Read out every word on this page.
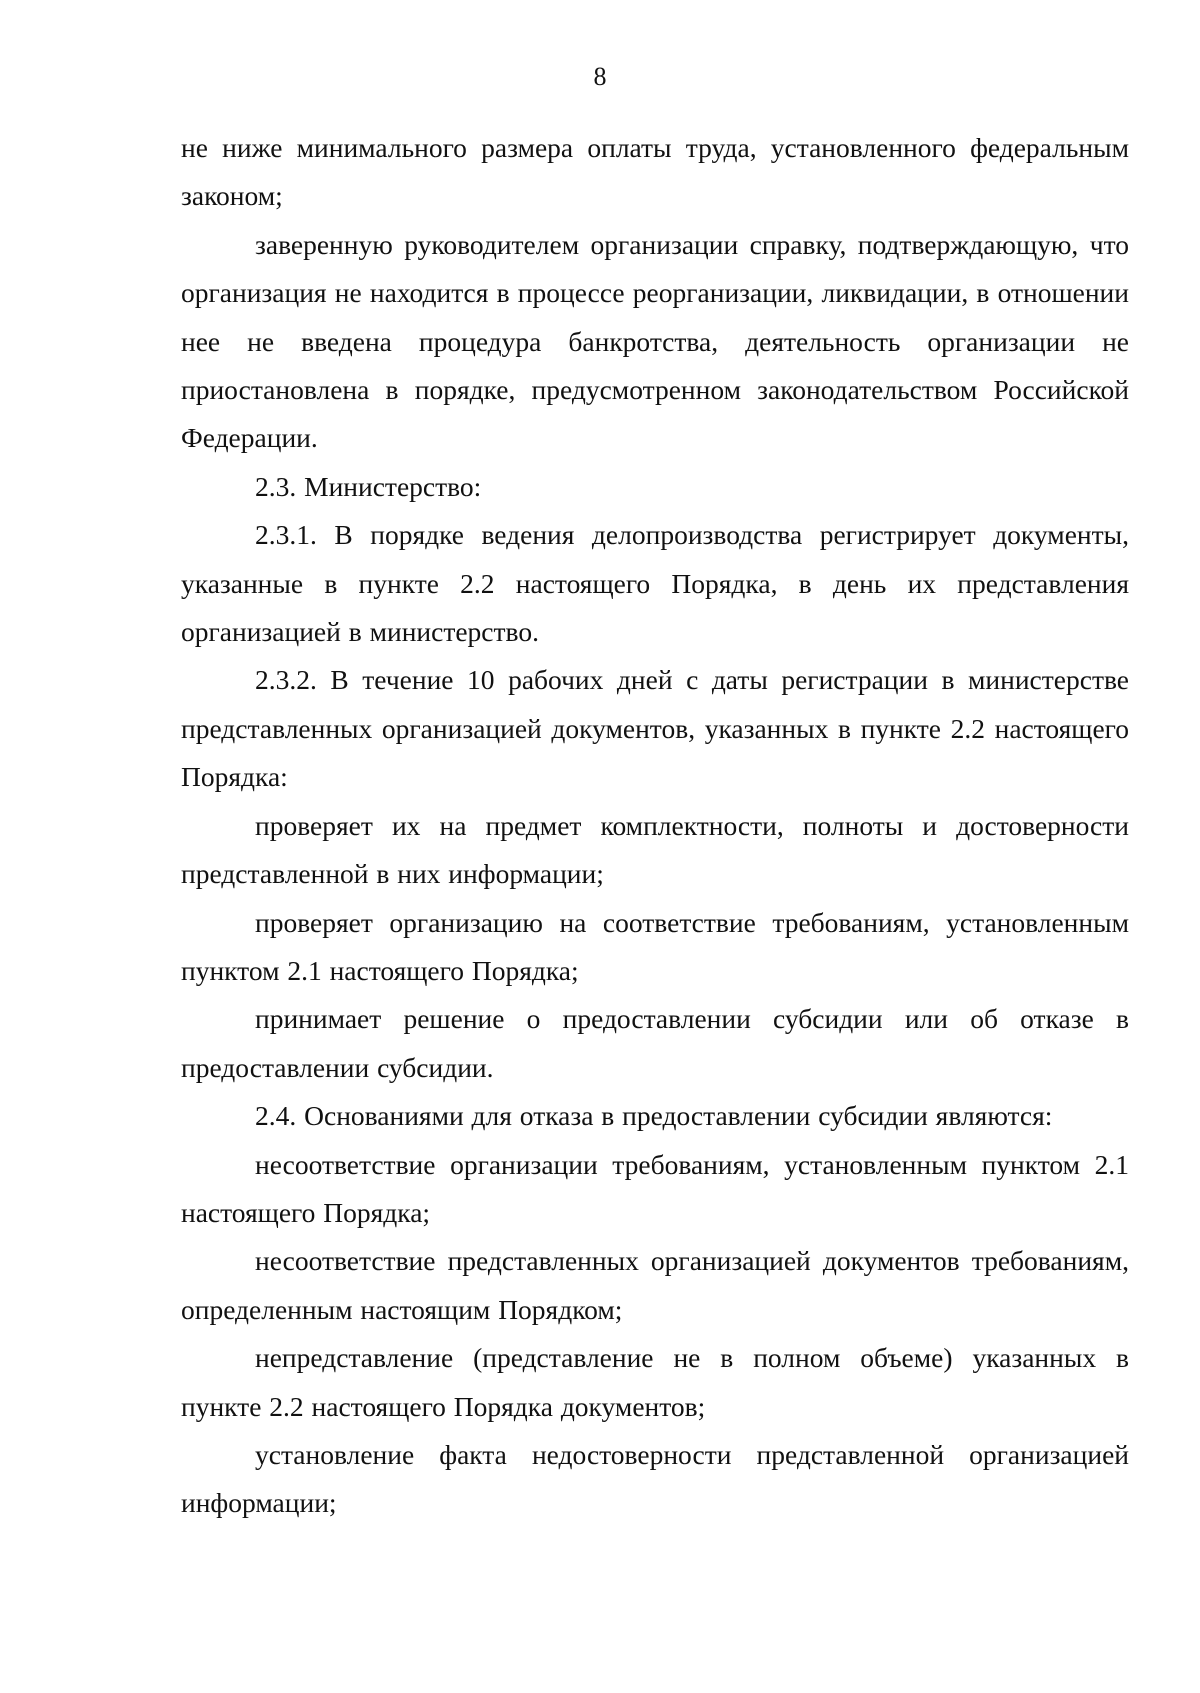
8

не ниже минимального размера оплаты труда, установленного федеральным законом;

заверенную руководителем организации справку, подтверждающую, что организация не находится в процессе реорганизации, ликвидации, в отношении нее не введена процедура банкротства, деятельность организации не приостановлена в порядке, предусмотренном законодательством Российской Федерации.

2.3. Министерство:

2.3.1. В порядке ведения делопроизводства регистрирует документы, указанные в пункте 2.2 настоящего Порядка, в день их представления организацией в министерство.

2.3.2. В течение 10 рабочих дней с даты регистрации в министерстве представленных организацией документов, указанных в пункте 2.2 настоящего Порядка:

проверяет их на предмет комплектности, полноты и достоверности представленной в них информации;

проверяет организацию на соответствие требованиям, установленным пунктом 2.1 настоящего Порядка;

принимает решение о предоставлении субсидии или об отказе в предоставлении субсидии.

2.4. Основаниями для отказа в предоставлении субсидии являются:

несоответствие организации требованиям, установленным пунктом 2.1 настоящего Порядка;

несоответствие представленных организацией документов требованиям, определенным настоящим Порядком;

непредставление (представление не в полном объеме) указанных в пункте 2.2 настоящего Порядка документов;

установление факта недостоверности представленной организацией информации;
